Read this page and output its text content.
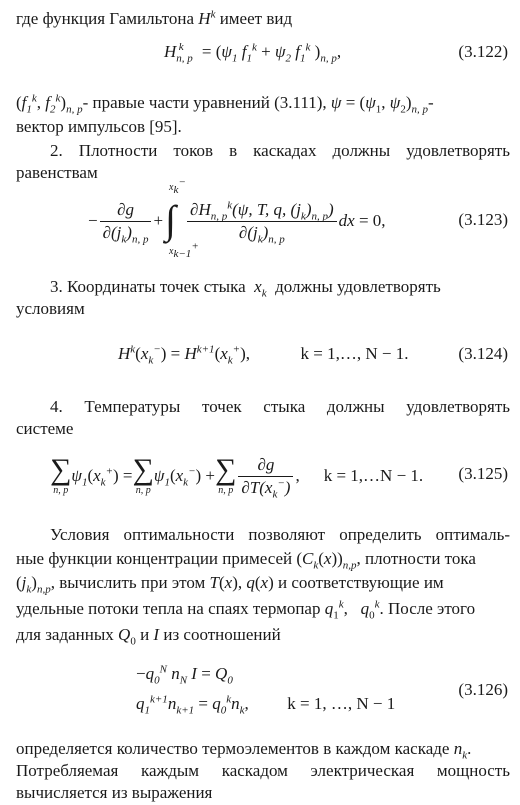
где функция Гамильтона $H^k$ имеет вид
$H_{n, p}^k = (\psi_1$ $f_1^k + \psi_2$ $f_1^k$ )$_{n, p}$,	(3.122)
($f_1^k$, $f_2^k)_{n, p}-$ правые части уравнений (3.111), $\psi = (\psi_1$, $\psi_2)_{n, p}-$
вектор импульсов [95].
2. Плотности токов в каскадах должны удовлетворять
равенствам
− $\frac{\partial g}{\partial(j_k)_{n, p}}$ +
$x_k^-$
∫
$x_{k-1}^+$
$\frac{\partial H_{n, p}^k(\psi, T, q, (j_k)_{n, p})}{\partial(j_k)_{n, p}}$ dx = 0,	(3.123)
3. Координаты точек стыка $x_k$ должны удовлетворять
условиям
$H^k(x_k^-) = H^{k+1}(x_k^+)$,	k = 1,…, N − 1.	(3.124)
4. Температуры точек стыка должны удовлетворять
системе
∑
n, p
$\psi_1(x_k^+)$ = ∑
n, p
$\psi_1(x_k^-)$ + ∑
n, p $\frac{\partial g}{\partial T(x_k^-)}$ , k = 1,…N − 1. (3.125)
Условия оптимальности позволяют определить оптималь-
ные функции концентрации примесей $(C_k(x))_{n,p}$, плотности тока
$(j_k)_{n,p}$, вычислить при этом T(x), q(x) и соответствующие им
удельные потоки тепла на спаях термопар $q_1^k$,   $q_0^k$. После этого
для заданных $Q_0$ и I из соотношений
$-q_0^N$ $n_N$ $I = Q_0$
$q_1^{k+1}n_{k+1} = q_0^kn_k$, k = 1, …, N − 1
(3.126)
определяется количество термоэлементов в каждом каскаде $n_k$.
Потребляемая каждым каскадом электрическая мощность
вычисляется из выражения
